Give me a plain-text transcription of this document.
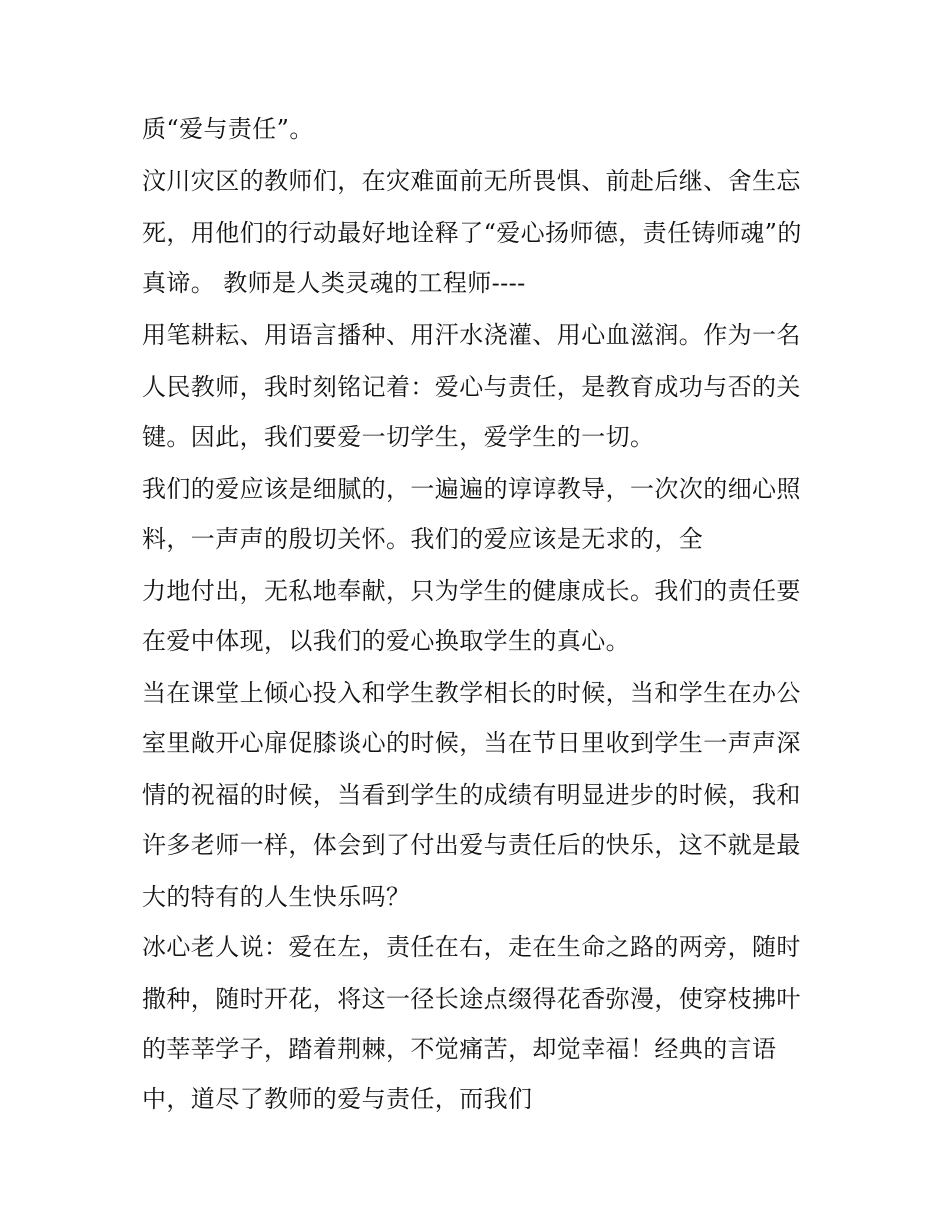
质“爱与责任”。
汶川灾区的教师们，在灾难面前无所畏惧、前赴后继、舍生忘
死，用他们的行动最好地诠释了“爱心扬师德，责任铸师魂”的
真谛。 教师是人类灵魂的工程师----
用笔耕耘、用语言播种、用汗水浇灌、用心血滋润。作为一名
人民教师，我时刻铭记着：爱心与责任，是教育成功与否的关
键。因此，我们要爱一切学生，爱学生的一切。
我们的爱应该是细腻的，一遍遍的谆谆教导，一次次的细心照
料，一声声的殷切关怀。我们的爱应该是无求的，全
力地付出，无私地奉献，只为学生的健康成长。我们的责任要
在爱中体现，以我们的爱心换取学生的真心。
当在课堂上倾心投入和学生教学相长的时候，当和学生在办公
室里敞开心扉促膝谈心的时候，当在节日里收到学生一声声深
情的祝福的时候，当看到学生的成绩有明显进步的时候，我和
许多老师一样，体会到了付出爱与责任后的快乐，这不就是最
大的特有的人生快乐吗？
冰心老人说：爱在左，责任在右，走在生命之路的两旁，随时
撒种，随时开花，将这一径长途点缀得花香弥漫，使穿枝拂叶
的莘莘学子，踏着荆棘，不觉痛苦，却觉幸福！经典的言语
中，道尽了教师的爱与责任，而我们
